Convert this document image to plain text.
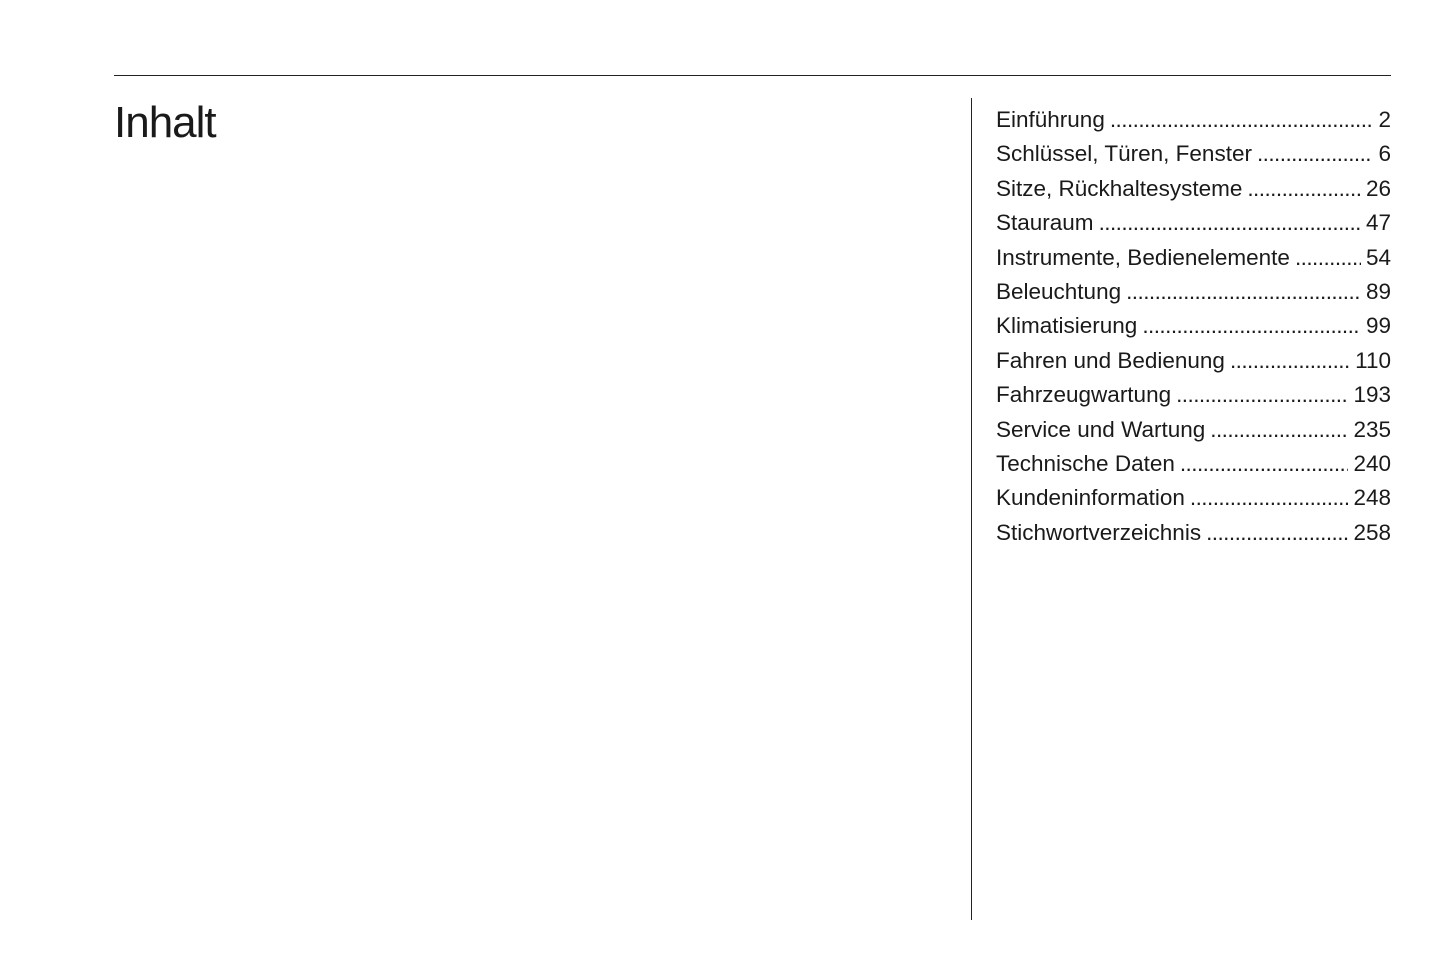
Inhalt	Einführung . . .	2
Schlüssel, Türen, Fenster . . .	6
Sitze, Rückhaltesysteme . . .	26
Stauraum . . .	47
Instrumente, Bedienelemente . . .	54
Beleuchtung . . .	89
Klimatisierung . . .	99
Fahren und Bedienung . . .	110
Fahrzeugwartung . . .	193
Service und Wartung . . .	235
Technische Daten . . .	240
Kundeninformation . . .	248
Stichwortverzeichnis . . .	258
